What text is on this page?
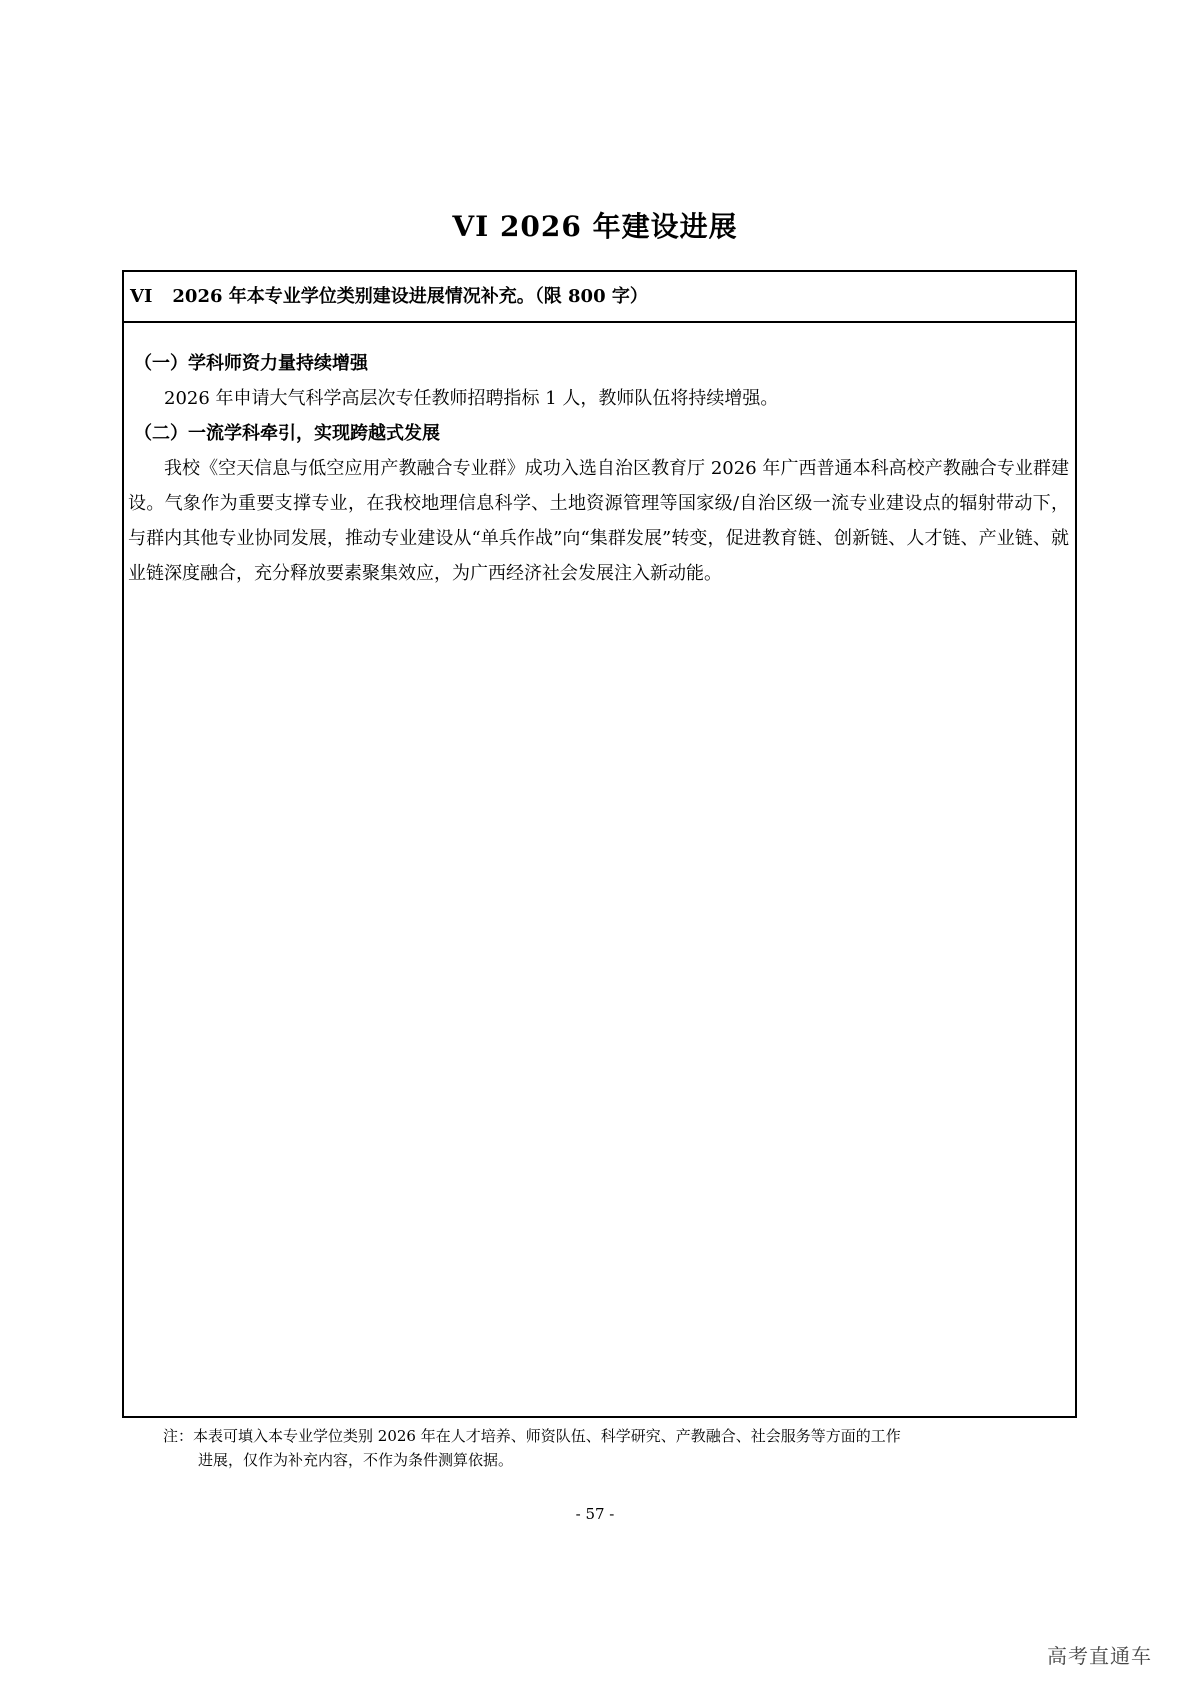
VI 2026 年建设进展
VI 2026 年本专业学位类别建设进展情况补充。（限 800 字）

（一）学科师资力量持续增强

2026 年申请大气科学高层次专任教师招聘指标 1 人，教师队伍将持续增强。

（二）一流学科牵引，实现跨越式发展

我校《空天信息与低空应用产教融合专业群》成功入选自治区教育厅 2026 年广西普通本科高校产教融合专业群建设。气象作为重要支撑专业，在我校地理信息科学、土地资源管理等国家级/自治区级一流专业建设点的辐射带动下，与群内其他专业协同发展，推动专业建设从“单兵作战”向“集群发展”转变，促进教育链、创新链、人才链、产业链、就业链深度融合，充分释放要素聚集效应，为广西经济社会发展注入新动能。

注：本表可填入本专业学位类别 2026 年在人才培养、师资队伍、科学研究、产教融合、社会服务等方面的工作
进展，仅作为补充内容，不作为条件测算依据。
- 57 -
高考直通车
